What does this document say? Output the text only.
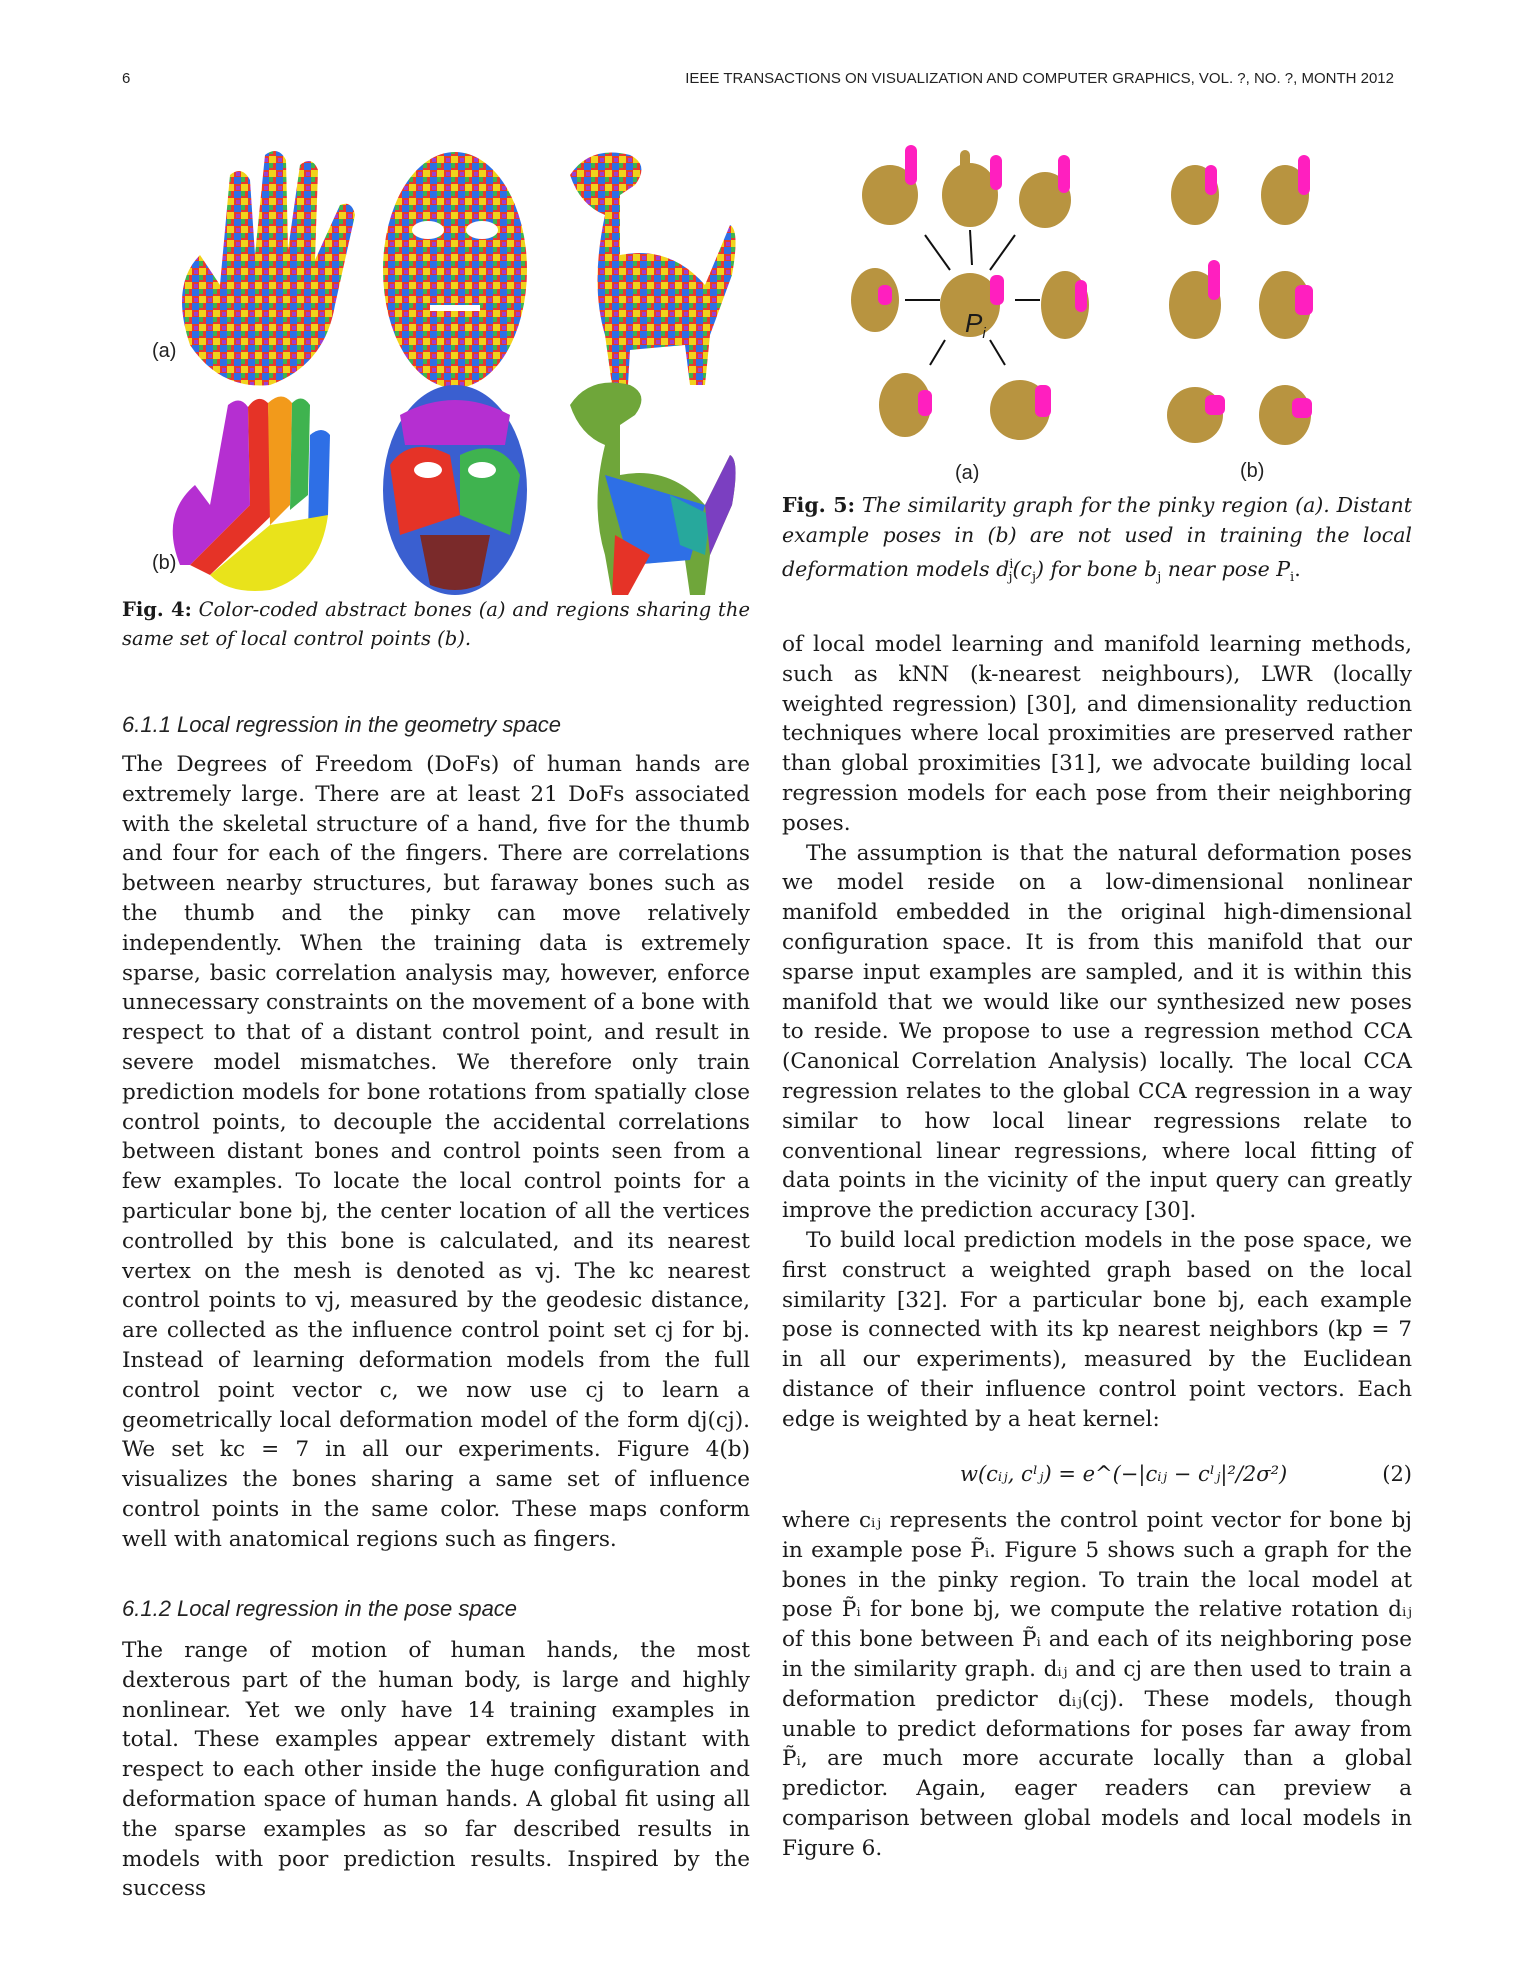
6	IEEE TRANSACTIONS ON VISUALIZATION AND COMPUTER GRAPHICS, VOL. ?, NO. ?, MONTH 2012
(a)
(b)

Fig. 4: Color-coded abstract bones (a) and regions sharing the same set of local control points (b).

6.1.1 Local regression in the geometry space

The Degrees of Freedom (DoFs) of human hands are extremely large. There are at least 21 DoFs associated with the skeletal structure of a hand, five for the thumb and four for each of the fingers. There are correlations between nearby structures, but faraway bones such as the thumb and the pinky can move relatively independently. When the training data is extremely sparse, basic correlation analysis may, however, enforce unnecessary constraints on the movement of a bone with respect to that of a distant control point, and result in severe model mismatches. We therefore only train prediction models for bone rotations from spatially close control points, to decouple the accidental correlations between distant bones and control points seen from a few examples. To locate the local control points for a particular bone bj, the center location of all the vertices controlled by this bone is calculated, and its nearest vertex on the mesh is denoted as vj. The kc nearest control points to vj, measured by the geodesic distance, are collected as the influence control point set cj for bj. Instead of learning deformation models from the full control point vector c, we now use cj to learn a geometrically local deformation model of the form dj(cj). We set kc = 7 in all our experiments. Figure 4(b) visualizes the bones sharing a same set of influence control points in the same color. These maps conform well with anatomical regions such as fingers.

6.1.2 Local regression in the pose space

The range of motion of human hands, the most dexterous part of the human body, is large and highly nonlinear. Yet we only have 14 training examples in total. These examples appear extremely distant with respect to each other inside the huge configuration and deformation space of human hands. A global fit using all the sparse examples as so far described results in models with poor prediction results. Inspired by the success

$P_i$
(a)	(b)

Fig. 5: The similarity graph for the pinky region (a). Distant example poses in (b) are not used in training the local deformation models $d^i_j(c_j)$ for bone $b_j$ near pose $P_i$.

of local model learning and manifold learning methods, such as kNN (k-nearest neighbours), LWR (locally weighted regression) [30], and dimensionality reduction techniques where local proximities are preserved rather than global proximities [31], we advocate building local regression models for each pose from their neighboring poses.

The assumption is that the natural deformation poses we model reside on a low-dimensional nonlinear manifold embedded in the original high-dimensional configuration space. It is from this manifold that our sparse input examples are sampled, and it is within this manifold that we would like our synthesized new poses to reside. We propose to use a regression method CCA (Canonical Correlation Analysis) locally. The local CCA regression relates to the global CCA regression in a way similar to how local linear regressions relate to conventional linear regressions, where local fitting of data points in the vicinity of the input query can greatly improve the prediction accuracy [30].

To build local prediction models in the pose space, we first construct a weighted graph based on the local similarity [32]. For a particular bone bj, each example pose is connected with its kp nearest neighbors (kp = 7 in all our experiments), measured by the Euclidean distance of their influence control point vectors. Each edge is weighted by a heat kernel:

w(cᵢⱼ, cˡⱼ) = e^(−|cᵢⱼ − cˡⱼ|²/2σ²)	(2)

where cᵢⱼ represents the control point vector for bone bj in example pose P̃ᵢ. Figure 5 shows such a graph for the bones in the pinky region. To train the local model at pose P̃ᵢ for bone bj, we compute the relative rotation dᵢⱼ of this bone between P̃ᵢ and each of its neighboring pose in the similarity graph. dᵢⱼ and cj are then used to train a deformation predictor dᵢⱼ(cj). These models, though unable to predict deformations for poses far away from P̃ᵢ, are much more accurate locally than a global predictor. Again, eager readers can preview a comparison between global models and local models in Figure 6.
